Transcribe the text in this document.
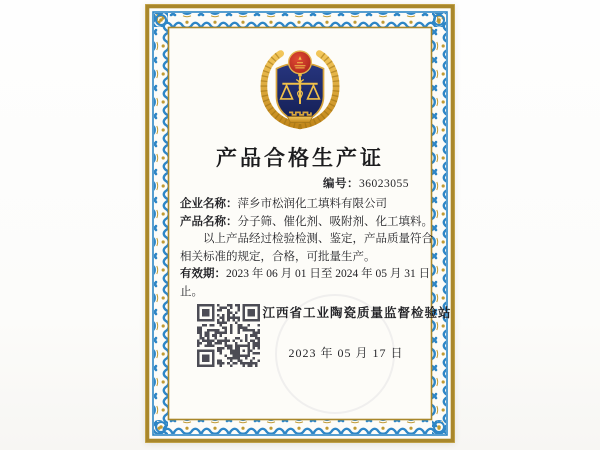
产品合格生产证
编号：36023055
企业名称：萍乡市松润化工填料有限公司
产品名称：分子筛、催化剂、吸附剂、化工填料。

以上产品经过检验检测、鉴定，产品质量符合相关标准的规定，合格，可批量生产。

有效期：2023 年 06 月 01 日至 2024 年 05 月 31 日止。
江西省工业陶瓷质量监督检验站
2023 年 05 月 17 日
